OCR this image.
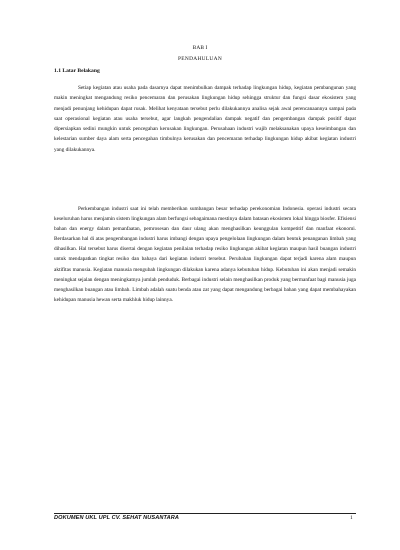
BAB I
PENDAHULUAN
1.1 Latar Belakang

Setiap kegiatan atau usaha pada dasarnya dapat menimbulkan dampak terhadap lingkungan hidup, kegiatan pembangunan yang makin meningkat mengandung resiko pencemaran dan perusakan lingkungan hidup sehingga struktur dan fungsi dasar ekosistem yang menjadi penunjang kehidupan dapat rusak. Melihat kenyataan tersebut perlu dilakukannya analisa sejak awal perencanaannya sampai pada saat operasional kegiatan atau usaha tersebut, agar langkah pengendalian dampak negatif dan pengembangan dampak positif dapat dipersiapkan sedini mungkin untuk pencegahan kerusakan lingkungan. Perusahaan industri wajib melaksanakan upaya keseimbangan dan kelestarian sumber daya alam serta pencegahan timbulnya kerusakan dan pencemaran terhadap lingkungan hidup akibat kegiatan industri yang dilakukannya.

Perkembangan industri saat ini telah memberikan sumbangan besar terhadap perekonomian Indonesia. operasi industri secara keseluruhan harus menjamin sistem lingkungan alam berfungsi sebagaimana mestinya dalam batasan ekosistem lokal hingga biosfer. Efisiensi bahan dan energy dalam pemanfaatan, pemrosesan dan daur ulang akan menghasilkan keunggulan kompetitif dan manfaat ekonomi. Berdasarkan hal di atas pengembangan industri harus imbangi dengan upaya pengelolaan lingkungan dalam bentuk penanganan limbah yang dihasilkan. Hal tersebut harus disertai dengan kegiatan penilaian terhadap resiko lingkungan akibat kegiatan maupun hasil buangan industri untuk mendapatkan tingkat resiko dan bahaya dari kegiatan industri tersebut. Perubahan lingkungan dapat terjadi karena alam maupun aktifitas manusia. Kegiatan manusia mengubah lingkungan dilakukan karena adanya kebutuhan hidup. Kebutuhan ini akan menjadi semakin meningkat sejalan dengan meningkatnya jumlah penduduk. Berbagai industri selain menghasilkan produk yang bermanfaat bagi manusia juga menghasilkan buangan atau limbah. Limbah adalah suatu benda atau zat yang dapat mengandung berbagai bahan yang dapat membahayakan kehidupan manusia hewan serta makhluk hidup lainnya.

DOKUMEN UKL UPL CV. SEHAT NUSANTARA	1
